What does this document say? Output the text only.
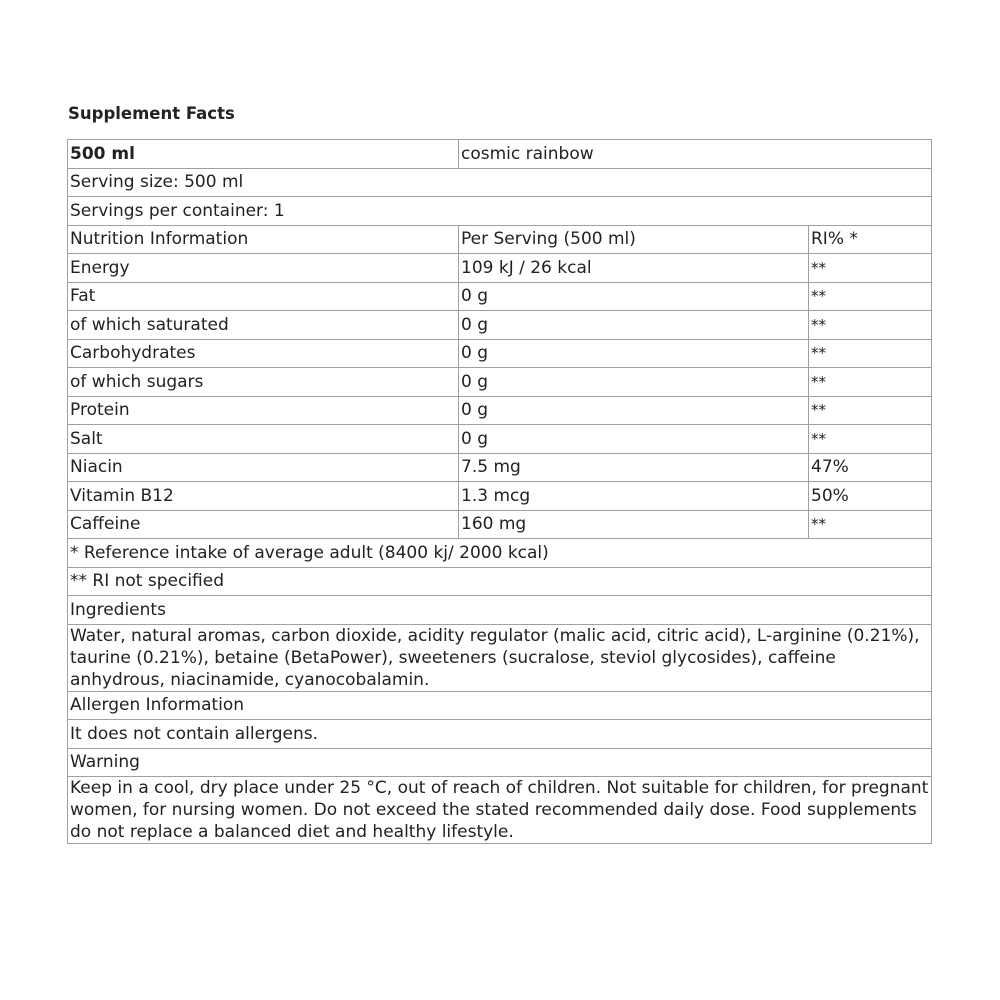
Supplement Facts
500 ml	cosmic rainbow	
Serving size: 500 ml		
Servings per container: 1		
Nutrition Information	Per Serving (500 ml)	RI% *
Energy	109 kJ / 26 kcal	**
Fat	0 g	**
of which saturated	0 g	**
Carbohydrates	0 g	**
of which sugars	0 g	**
Protein	0 g	**
Salt	0 g	**
Niacin	7.5 mg	47%
Vitamin B12	1.3 mcg	50%
Caffeine	160 mg	**
* Reference intake of average adult (8400 kj/ 2000 kcal)		
** RI not specified		
Ingredients		
Water, natural aromas, carbon dioxide, acidity regulator (malic acid, citric acid), L-arginine (0.21%), taurine (0.21%), betaine (BetaPower), sweeteners (sucralose, steviol glycosides), caffeine anhydrous, niacinamide, cyanocobalamin.		
Allergen Information		
It does not contain allergens.		
Warning		
Keep in a cool, dry place under 25 °C, out of reach of children. Not suitable for children, for pregnant women, for nursing women. Do not exceed the stated recommended daily dose. Food supplements do not replace a balanced diet and healthy lifestyle.		
